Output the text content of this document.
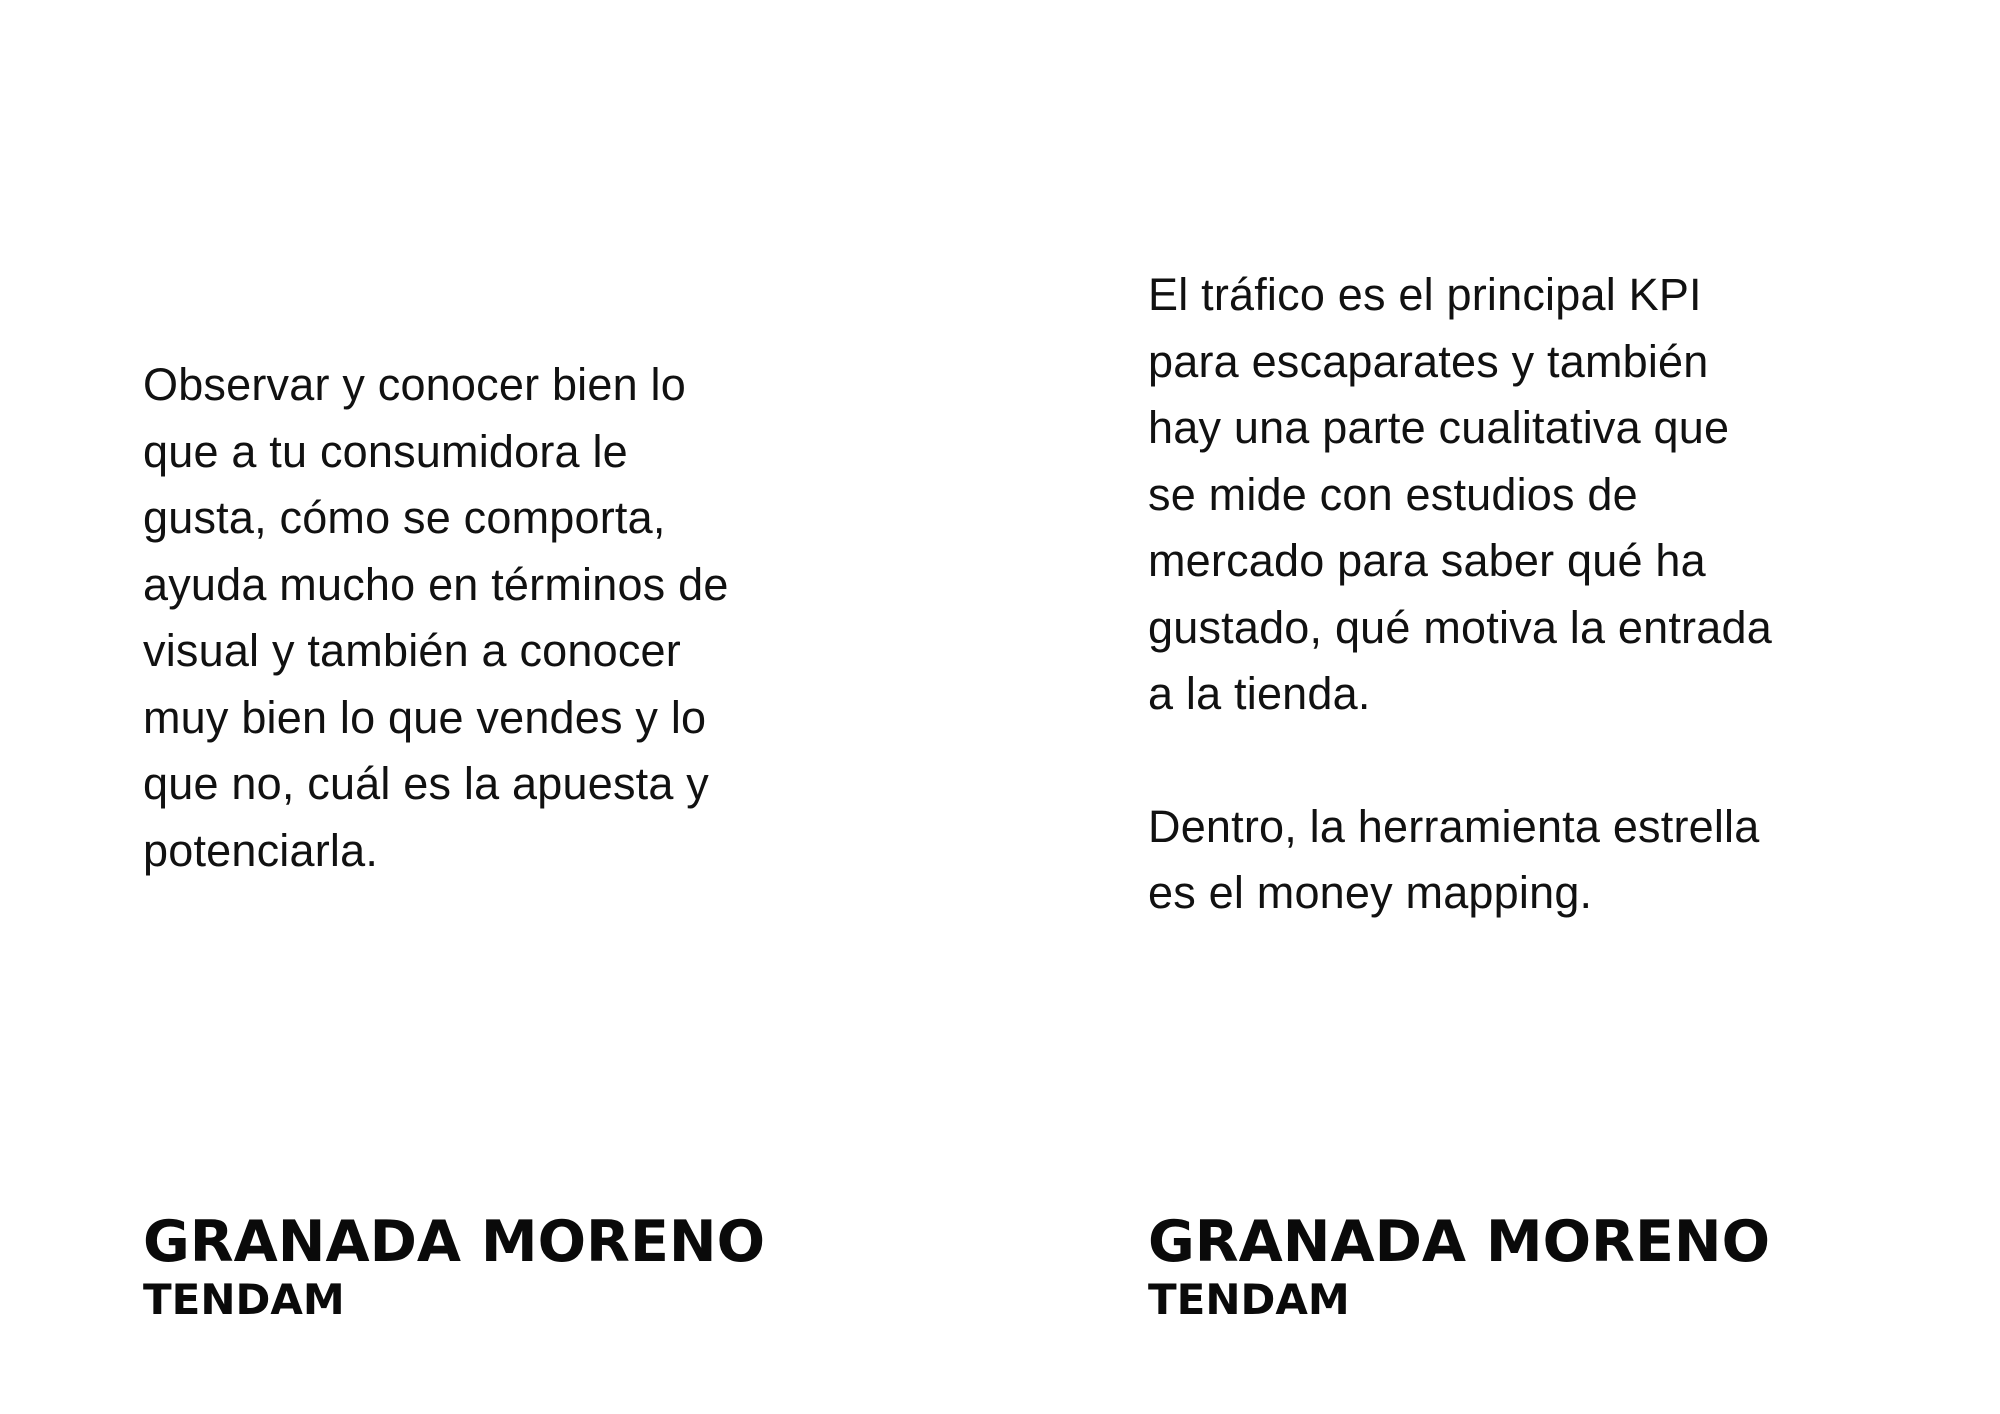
Observar y conocer bien lo
que a tu consumidora le
gusta, cómo se comporta,
ayuda mucho en términos de
visual y también a conocer
muy bien lo que vendes y lo
que no, cuál es la apuesta y
potenciarla.

GRANADA MORENO

TENDAM

El tráfico es el principal KPI
para escaparates y también
hay una parte cualitativa que
se mide con estudios de
mercado para saber qué ha
gustado, qué motiva la entrada
a la tienda.

Dentro, la herramienta estrella
es el money mapping.

GRANADA MORENO

TENDAM
